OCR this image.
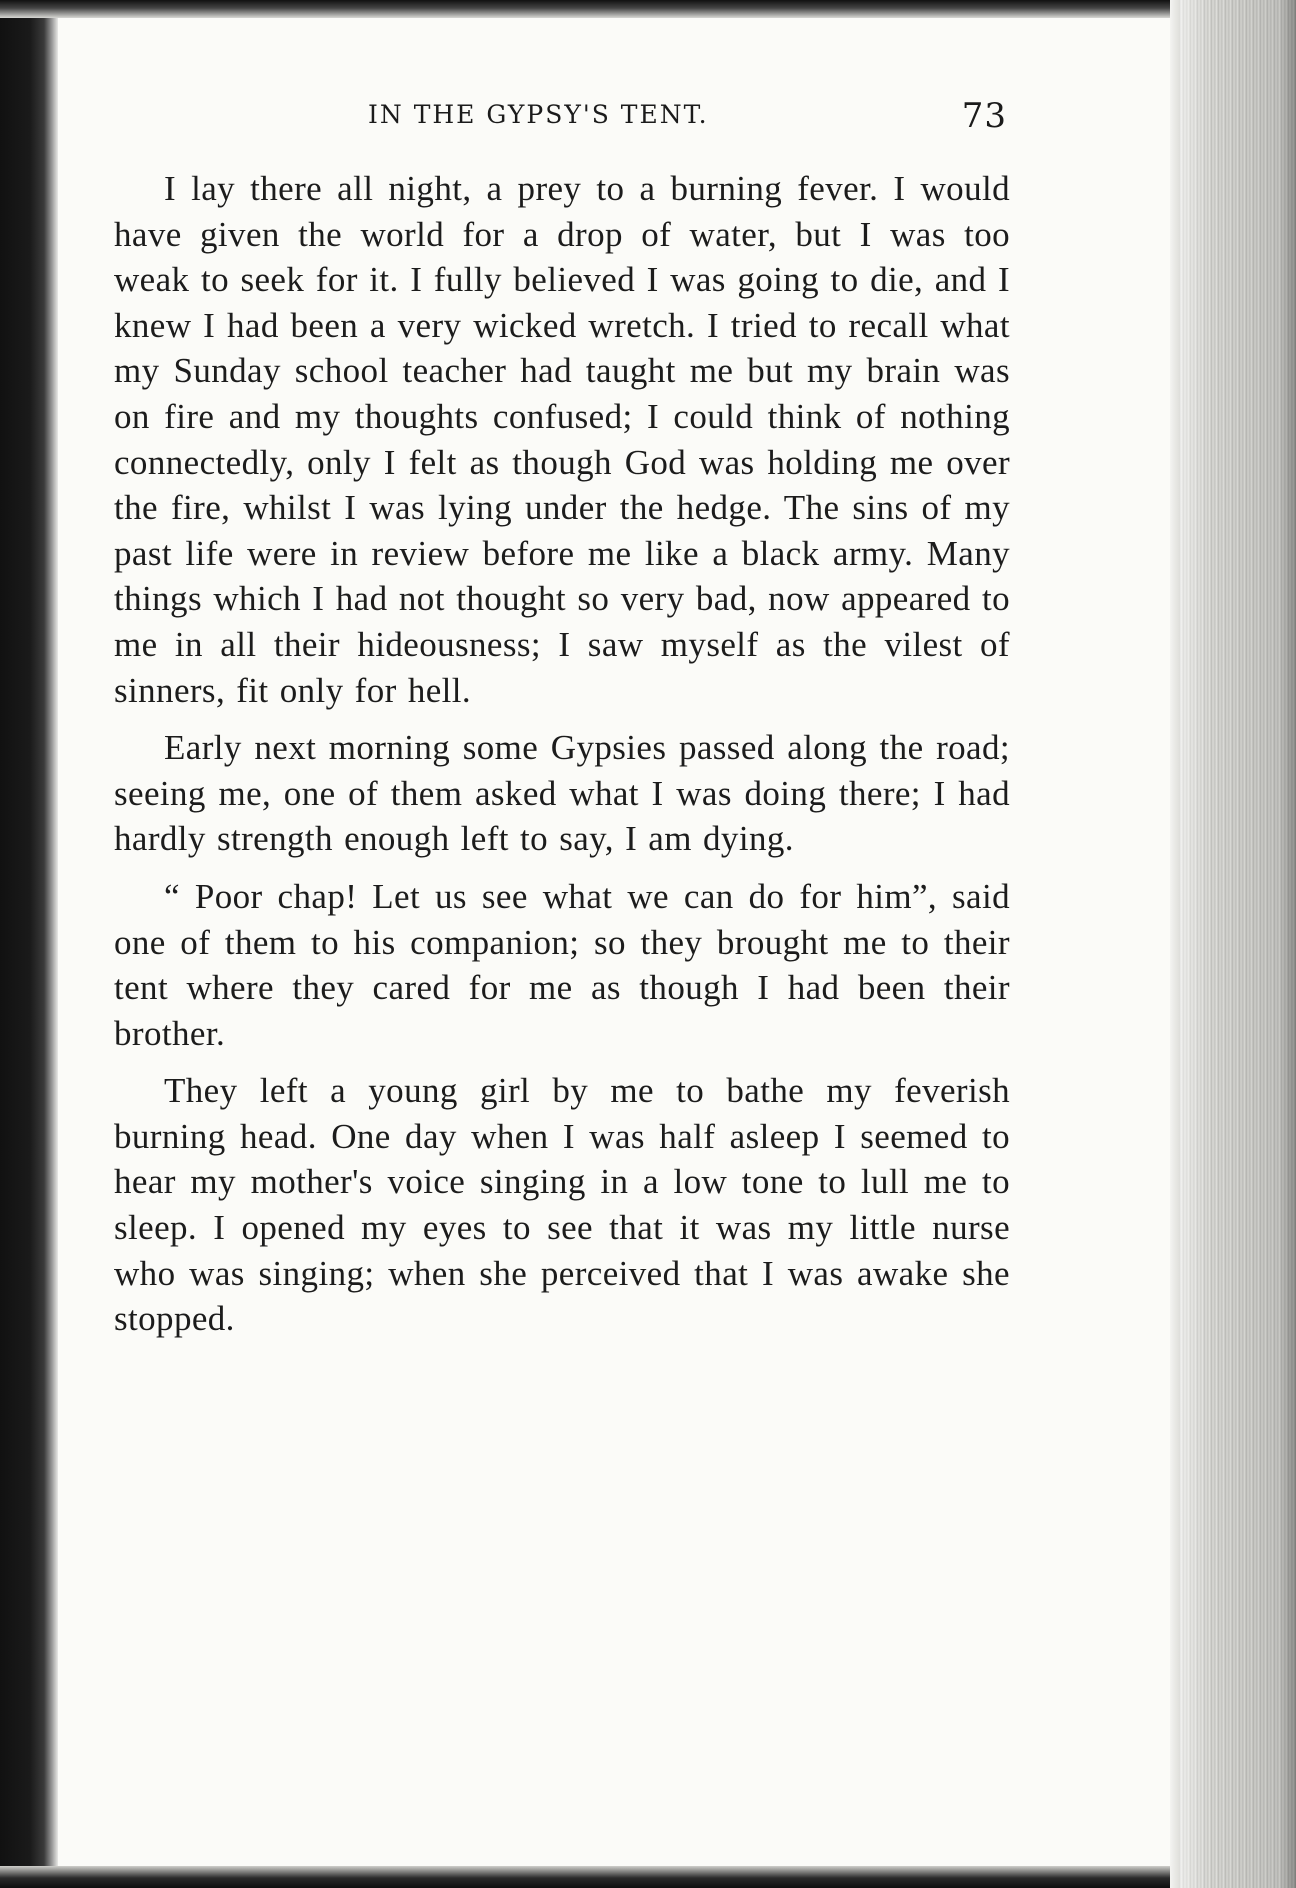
IN THE GYPSY'S TENT.	73

I lay there all night, a prey to a burning fever. I would have given the world for a drop of water, but I was too weak to seek for it. I fully believed I was going to die, and I knew I had been a very wicked wretch. I tried to recall what my Sunday school teacher had taught me but my brain was on fire and my thoughts confused; I could think of nothing connectedly, only I felt as though God was holding me over the fire, whilst I was lying under the hedge. The sins of my past life were in review before me like a black army. Many things which I had not thought so very bad, now appeared to me in all their hideousness; I saw myself as the vilest of sinners, fit only for hell.

Early next morning some Gypsies passed along the road; seeing me, one of them asked what I was doing there; I had hardly strength enough left to say, I am dying.

“ Poor chap! Let us see what we can do for him”, said one of them to his companion; so they brought me to their tent where they cared for me as though I had been their brother.

They left a young girl by me to bathe my feverish burning head. One day when I was half asleep I seemed to hear my mother's voice singing in a low tone to lull me to sleep. I opened my eyes to see that it was my little nurse who was singing; when she perceived that I was awake she stopped.
